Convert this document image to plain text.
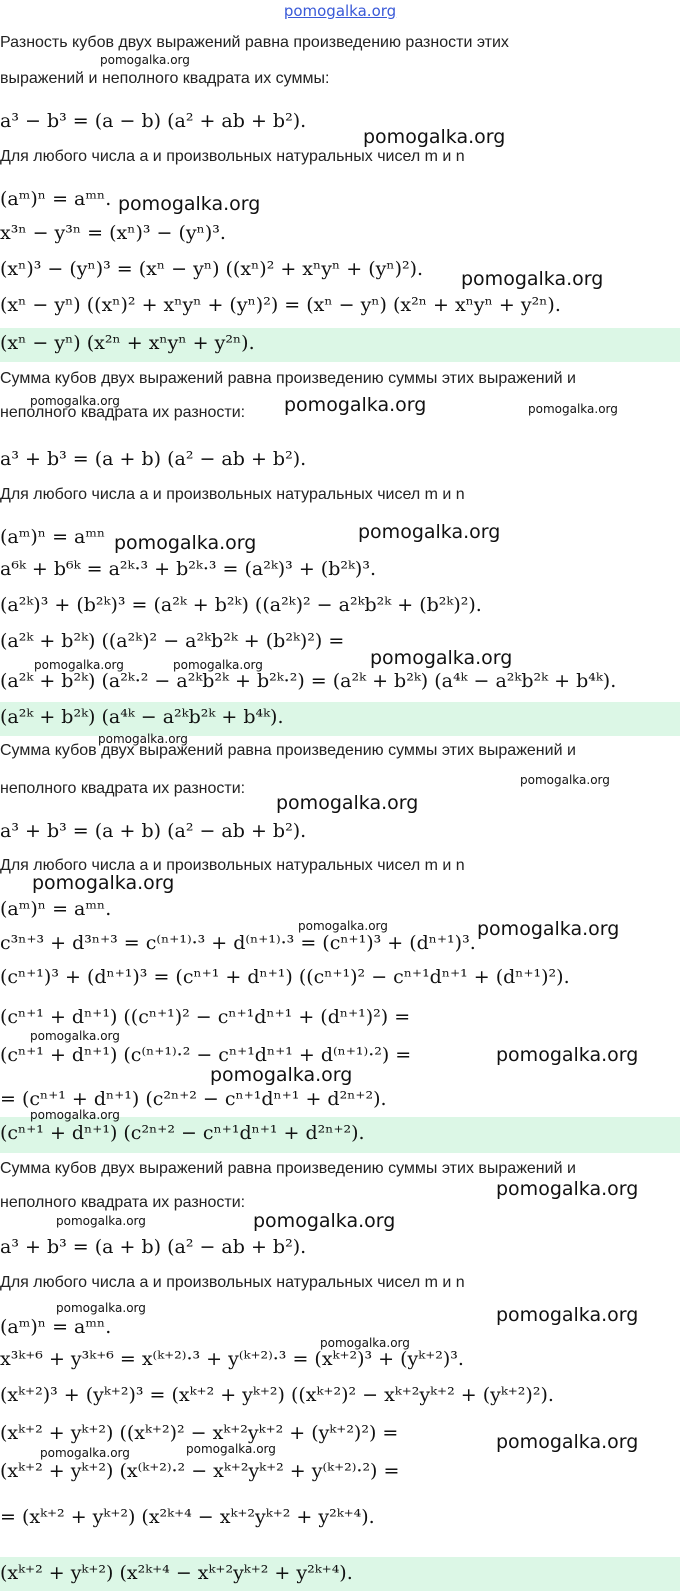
pomogalka.org
Разность кубов двух выражений равна произведению разности этих
выражений и неполного квадрата их суммы:
a³ − b³ = (a − b) (a² + ab + b²).
Для любого числа a и произвольных натуральных чисел m и n
(aᵐ)ⁿ = aᵐⁿ.
x³ⁿ − y³ⁿ = (xⁿ)³ − (yⁿ)³.
(xⁿ)³ − (yⁿ)³ = (xⁿ − yⁿ) ((xⁿ)² + xⁿyⁿ + (yⁿ)²).
(xⁿ − yⁿ) ((xⁿ)² + xⁿyⁿ + (yⁿ)²) = (xⁿ − yⁿ) (x²ⁿ + xⁿyⁿ + y²ⁿ).
(xⁿ − yⁿ) (x²ⁿ + xⁿyⁿ + y²ⁿ).
Сумма кубов двух выражений равна произведению суммы этих выражений и
неполного квадрата их разности:
a³ + b³ = (a + b) (a² − ab + b²).
Для любого числа a и произвольных натуральных чисел m и n
(aᵐ)ⁿ = aᵐⁿ
a⁶ᵏ + b⁶ᵏ = a²ᵏ·³ + b²ᵏ·³ = (a²ᵏ)³ + (b²ᵏ)³.
(a²ᵏ)³ + (b²ᵏ)³ = (a²ᵏ + b²ᵏ) ((a²ᵏ)² − a²ᵏb²ᵏ + (b²ᵏ)²).
(a²ᵏ + b²ᵏ) ((a²ᵏ)² − a²ᵏb²ᵏ + (b²ᵏ)²) =
(a²ᵏ + b²ᵏ) (a²ᵏ·² − a²ᵏb²ᵏ + b²ᵏ·²) = (a²ᵏ + b²ᵏ) (a⁴ᵏ − a²ᵏb²ᵏ + b⁴ᵏ).
(a²ᵏ + b²ᵏ) (a⁴ᵏ − a²ᵏb²ᵏ + b⁴ᵏ).
Сумма кубов двух выражений равна произведению суммы этих выражений и
неполного квадрата их разности:
a³ + b³ = (a + b) (a² − ab + b²).
Для любого числа a и произвольных натуральных чисел m и n
(aᵐ)ⁿ = aᵐⁿ.
c³ⁿ⁺³ + d³ⁿ⁺³ = c⁽ⁿ⁺¹⁾·³ + d⁽ⁿ⁺¹⁾·³ = (cⁿ⁺¹)³ + (dⁿ⁺¹)³.
(cⁿ⁺¹)³ + (dⁿ⁺¹)³ = (cⁿ⁺¹ + dⁿ⁺¹) ((cⁿ⁺¹)² − cⁿ⁺¹dⁿ⁺¹ + (dⁿ⁺¹)²).
(cⁿ⁺¹ + dⁿ⁺¹) ((cⁿ⁺¹)² − cⁿ⁺¹dⁿ⁺¹ + (dⁿ⁺¹)²) =
(cⁿ⁺¹ + dⁿ⁺¹) (c⁽ⁿ⁺¹⁾·² − cⁿ⁺¹dⁿ⁺¹ + d⁽ⁿ⁺¹⁾·²) =
= (cⁿ⁺¹ + dⁿ⁺¹) (c²ⁿ⁺² − cⁿ⁺¹dⁿ⁺¹ + d²ⁿ⁺²).
(cⁿ⁺¹ + dⁿ⁺¹) (c²ⁿ⁺² − cⁿ⁺¹dⁿ⁺¹ + d²ⁿ⁺²).
Сумма кубов двух выражений равна произведению суммы этих выражений и
неполного квадрата их разности:
a³ + b³ = (a + b) (a² − ab + b²).
Для любого числа a и произвольных натуральных чисел m и n
(aᵐ)ⁿ = aᵐⁿ.
x³ᵏ⁺⁶ + y³ᵏ⁺⁶ = x⁽ᵏ⁺²⁾·³ + y⁽ᵏ⁺²⁾·³ = (xᵏ⁺²)³ + (yᵏ⁺²)³.
(xᵏ⁺²)³ + (yᵏ⁺²)³ = (xᵏ⁺² + yᵏ⁺²) ((xᵏ⁺²)² − xᵏ⁺²yᵏ⁺² + (yᵏ⁺²)²).
(xᵏ⁺² + yᵏ⁺²) ((xᵏ⁺²)² − xᵏ⁺²yᵏ⁺² + (yᵏ⁺²)²) =
(xᵏ⁺² + yᵏ⁺²) (x⁽ᵏ⁺²⁾·² − xᵏ⁺²yᵏ⁺² + y⁽ᵏ⁺²⁾·²) =
= (xᵏ⁺² + yᵏ⁺²) (x²ᵏ⁺⁴ − xᵏ⁺²yᵏ⁺² + y²ᵏ⁺⁴).
(xᵏ⁺² + yᵏ⁺²) (x²ᵏ⁺⁴ − xᵏ⁺²yᵏ⁺² + y²ᵏ⁺⁴).
pomogalka.org
pomogalka.org
pomogalka.org
pomogalka.org
pomogalka.org	pomogalka.org	pomogalka.org
pomogalka.org
pomogalka.org
pomogalka.org	pomogalka.org	pomogalka.org
pomogalka.org
pomogalka.org
pomogalka.org
pomogalka.org
pomogalka.org	pomogalka.org
pomogalka.org
pomogalka.org
pomogalka.org
pomogalka.org
pomogalka.org
pomogalka.org	pomogalka.org
pomogalka.org	pomogalka.org
pomogalka.org
pomogalka.org
pomogalka.org	pomogalka.org
